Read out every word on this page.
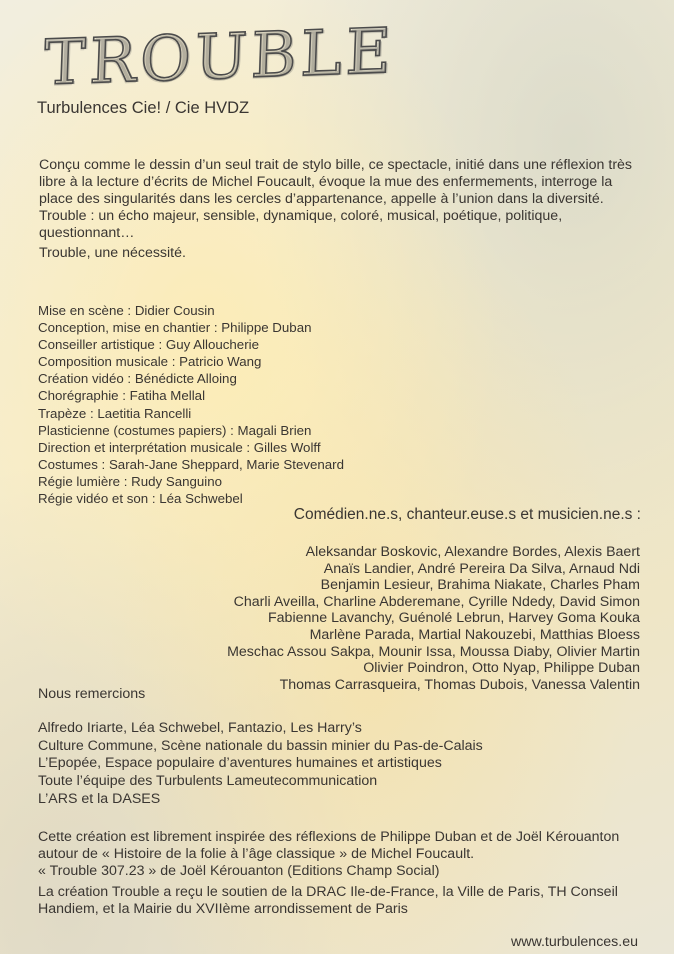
TROUBLE
Turbulences Cie! / Cie HVDZ

Conçu comme le dessin d’un seul trait de stylo bille, ce spectacle, initié dans une réflexion très libre à la lecture d’écrits de Michel Foucault, évoque la mue des enfermements, interroge la place des singularités dans les cercles d’appartenance, appelle à l’union dans la diversité. Trouble : un écho majeur, sensible, dynamique, coloré, musical, poétique, politique, questionnant…

Trouble, une nécessité.
Mise en scène : Didier Cousin
Conception, mise en chantier : Philippe Duban
Conseiller artistique : Guy Alloucherie
Composition musicale : Patricio Wang
Création vidéo : Bénédicte Alloing
Chorégraphie : Fatiha Mellal
Trapèze : Laetitia Rancelli
Plasticienne (costumes papiers) : Magali Brien
Direction et interprétation musicale : Gilles Wolff
Costumes : Sarah-Jane Sheppard, Marie Stevenard
Régie lumière : Rudy Sanguino
Régie vidéo et son : Léa Schwebel
Comédien.ne.s, chanteur.euse.s et musicien.ne.s :
Aleksandar Boskovic, Alexandre Bordes, Alexis Baert
Anaïs Landier, André Pereira Da Silva, Arnaud Ndi
Benjamin Lesieur, Brahima Niakate, Charles Pham
Charli Aveilla, Charline Abderemane, Cyrille Ndedy, David Simon
Fabienne Lavanchy, Guénolé Lebrun, Harvey Goma Kouka
Marlène Parada, Martial Nakouzebi, Matthias Bloess
Meschac Assou Sakpa, Mounir Issa, Moussa Diaby, Olivier Martin
Olivier Poindron, Otto Nyap, Philippe Duban
Thomas Carrasqueira, Thomas Dubois, Vanessa Valentin
Nous remercions
Alfredo Iriarte, Léa Schwebel, Fantazio, Les Harry’s
Culture Commune, Scène nationale du bassin minier du Pas-de-Calais
L’Epopée, Espace populaire d’aventures humaines et artistiques
Toute l’équipe des Turbulents Lameutecommunication
L’ARS et la DASES
Cette création est librement inspirée des réflexions de Philippe Duban et de Joël Kérouanton
autour de « Histoire de la folie à l’âge classique » de Michel Foucault.
« Trouble 307.23 » de Joël Kérouanton (Editions Champ Social)

La création Trouble a reçu le soutien de la DRAC Ile-de-France, la Ville de Paris, TH Conseil Handiem, et la Mairie du XVIIème arrondissement de Paris

www.turbulences.eu
